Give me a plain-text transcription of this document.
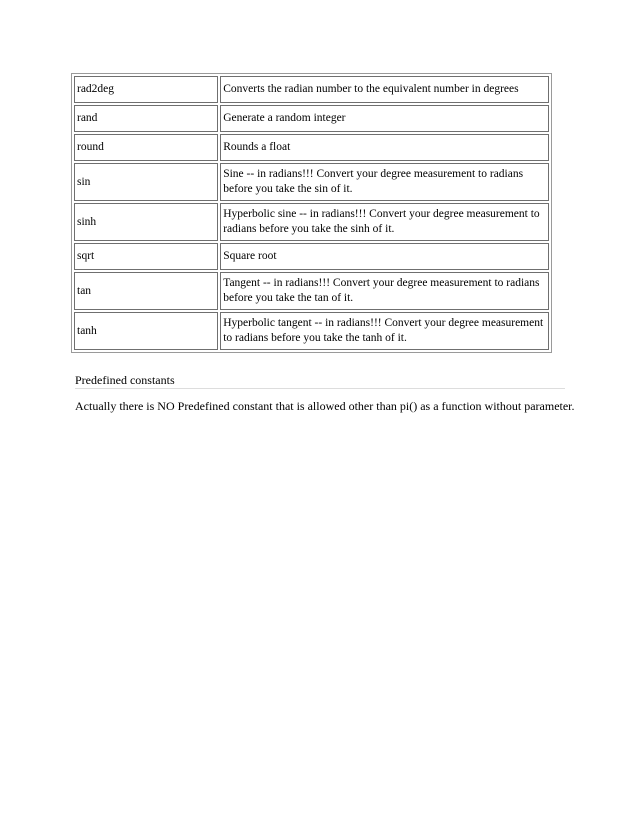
rad2deg	Converts the radian number to the equivalent number in degrees
rand	Generate a random integer
round	Rounds a float
sin	Sine -- in radians!!! Convert your degree measurement to radians before you take the sin of it.
sinh	Hyperbolic sine -- in radians!!! Convert your degree measurement to radians before you take the sinh of it.
sqrt	Square root
tan	Tangent -- in radians!!! Convert your degree measurement to radians before you take the tan of it.
tanh	Hyperbolic tangent -- in radians!!! Convert your degree measurement to radians before you take the tanh of it.
Predefined constants

Actually there is NO Predefined constant that is allowed other than pi() as a function without parameter.
